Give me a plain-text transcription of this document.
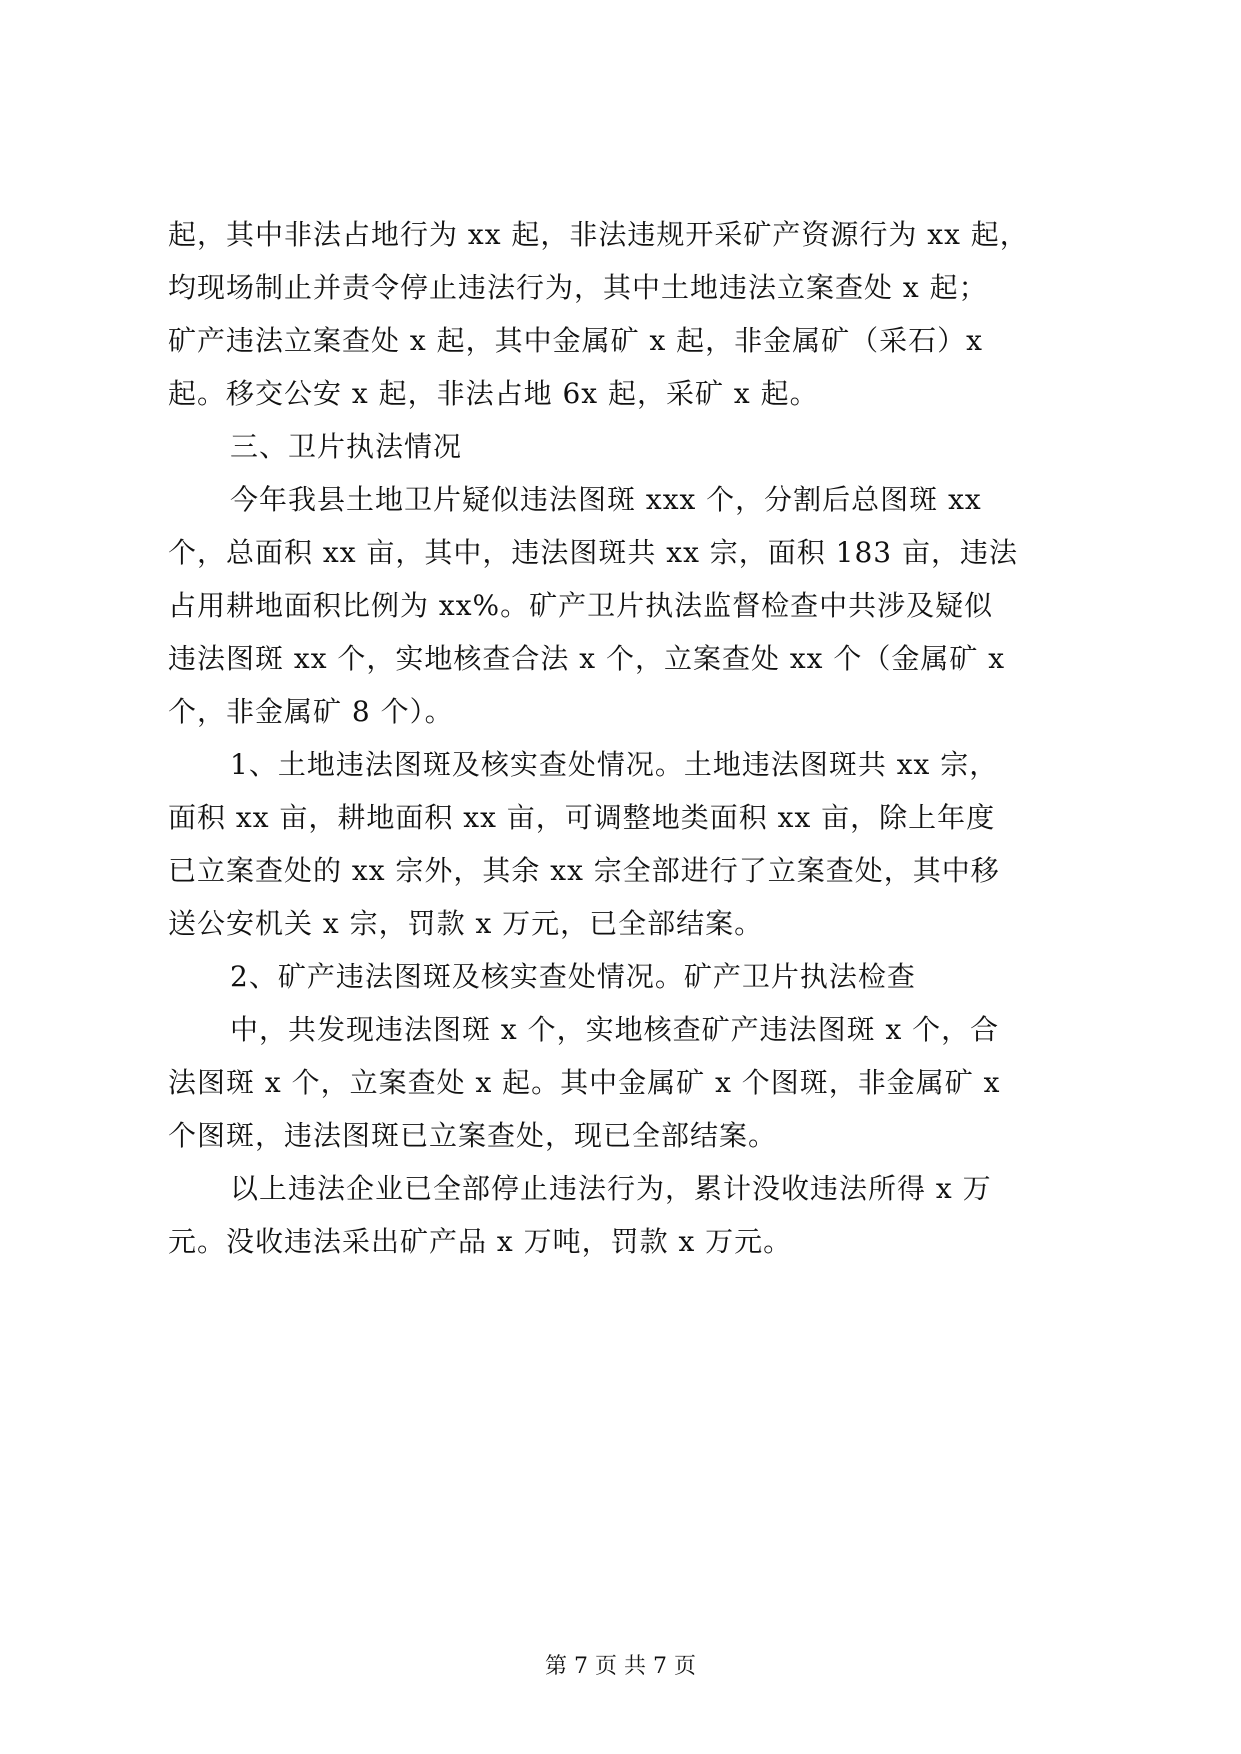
起，其中非法占地行为 xx 起，非法违规开采矿产资源行为 xx 起，
均现场制止并责令停止违法行为，其中土地违法立案查处 x 起；
矿产违法立案查处 x 起，其中金属矿 x 起，非金属矿（采石）x
起。移交公安 x 起，非法占地 6x 起，采矿 x 起。
三、卫片执法情况
今年我县土地卫片疑似违法图斑 xxx 个，分割后总图斑 xx
个，总面积 xx 亩，其中，违法图斑共 xx 宗，面积 183 亩，违法
占用耕地面积比例为 xx%。矿产卫片执法监督检查中共涉及疑似
违法图斑 xx 个，实地核查合法 x 个，立案查处 xx 个（金属矿 x
个，非金属矿 8 个）。
1、土地违法图斑及核实查处情况。土地违法图斑共 xx 宗，
面积 xx 亩，耕地面积 xx 亩，可调整地类面积 xx 亩，除上年度
已立案查处的 xx 宗外，其余 xx 宗全部进行了立案查处，其中移
送公安机关 x 宗，罚款 x 万元，已全部结案。
2、矿产违法图斑及核实查处情况。矿产卫片执法检查
中，共发现违法图斑 x 个，实地核查矿产违法图斑 x 个，合
法图斑 x 个，立案查处 x 起。其中金属矿 x 个图斑，非金属矿 x
个图斑，违法图斑已立案查处，现已全部结案。
以上违法企业已全部停止违法行为，累计没收违法所得 x 万
元。没收违法采出矿产品 x 万吨，罚款 x 万元。
第 7 页 共 7 页
